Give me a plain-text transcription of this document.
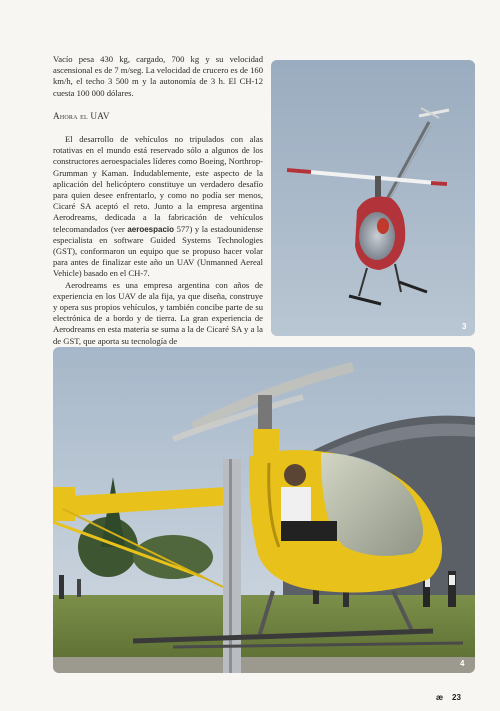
Vacío pesa 430 kg, cargado, 700 kg y su velocidad ascensional es de 7 m/seg. La velocidad de crucero es de 160 km/h, el techo 3 500 m y la autonomía de 3 h. El CH-12 cuesta 100 000 dólares.

Ahora el UAV

El desarrollo de vehículos no tripulados con alas rotativas en el mundo está reservado sólo a algunos de los constructores aeroespaciales líderes como Boeing, Northrop-Grumman y Kaman. Indudablemente, este aspecto de la aplicación del helicóptero constituye un verdadero desafío para quien desee enfrentarlo, y como no podía ser menos, Cicaré SA aceptó el reto. Junto a la empresa argentina Aerodreams, dedicada a la fabricación de vehículos telecomandados (ver aeroespacio 577) y la estadounidense especialista en software Guided Systems Technologies (GST), conformaron un equipo que se propuso hacer volar para antes de finalizar este año un UAV (Unmanned Aereal Vehicle) basado en el CH-7.

Aerodreams es una empresa argentina con años de experiencia en los UAV de ala fija, ya que diseña, construye y opera sus propios vehículos, y también concibe parte de su electrónica de a bordo y de tierra. La gran experiencia de Aerodreams en esta materia se suma a la de Cicaré SA y a la de GST, que aporta su tecnología de

3
4
æ 23
